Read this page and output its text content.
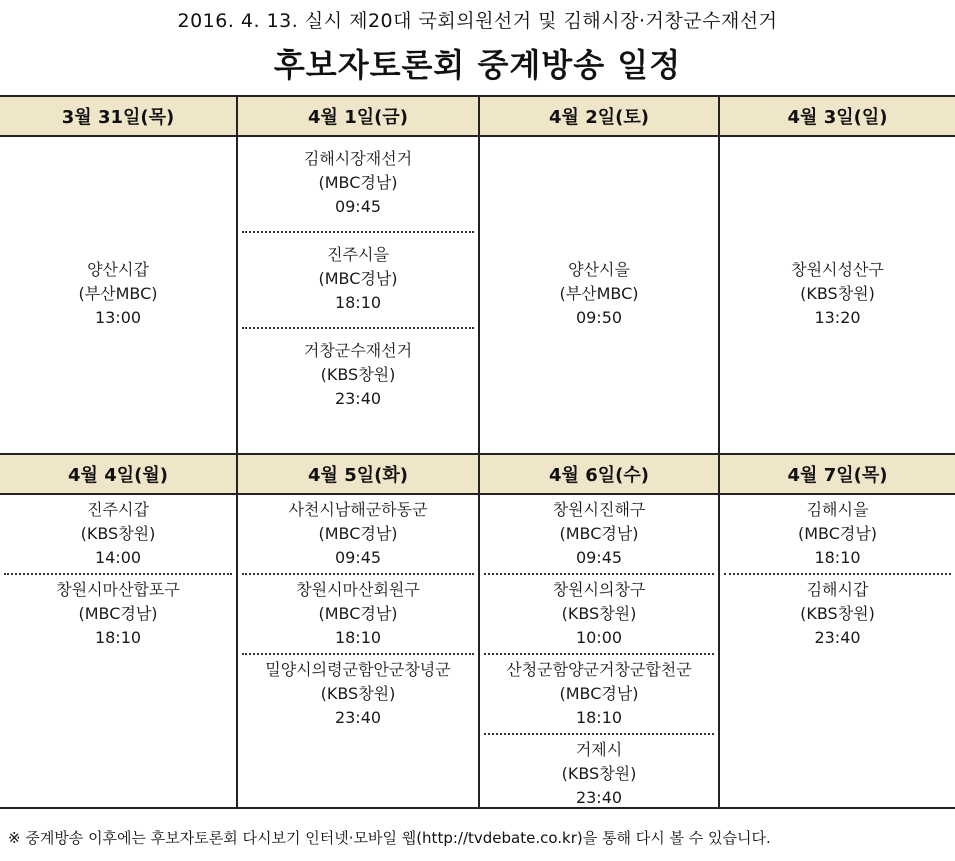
2016. 4. 13. 실시 제20대 국회의원선거 및 김해시장·거창군수재선거
후보자토론회 중계방송 일정
3월 31일(목)
양산시갑
(부산MBC)
13:00
4월 1일(금)
김해시장재선거
(MBC경남)
09:45
진주시을
(MBC경남)
18:10
거창군수재선거
(KBS창원)
23:40
4월 2일(토)
양산시을
(부산MBC)
09:50
4월 3일(일)
창원시성산구
(KBS창원)
13:20
4월 4일(월)
진주시갑
(KBS창원)
14:00
창원시마산합포구
(MBC경남)
18:10
4월 5일(화)
사천시남해군하동군
(MBC경남)
09:45
창원시마산회원구
(MBC경남)
18:10
밀양시의령군함안군창녕군
(KBS창원)
23:40
4월 6일(수)
창원시진해구
(MBC경남)
09:45
창원시의창구
(KBS창원)
10:00
산청군함양군거창군합천군
(MBC경남)
18:10
거제시
(KBS창원)
23:40
4월 7일(목)
김해시을
(MBC경남)
18:10
김해시갑
(KBS창원)
23:40
※ 중계방송 이후에는 후보자토론회 다시보기 인터넷·모바일 웹(http://tvdebate.co.kr)을 통해 다시 볼 수 있습니다.
